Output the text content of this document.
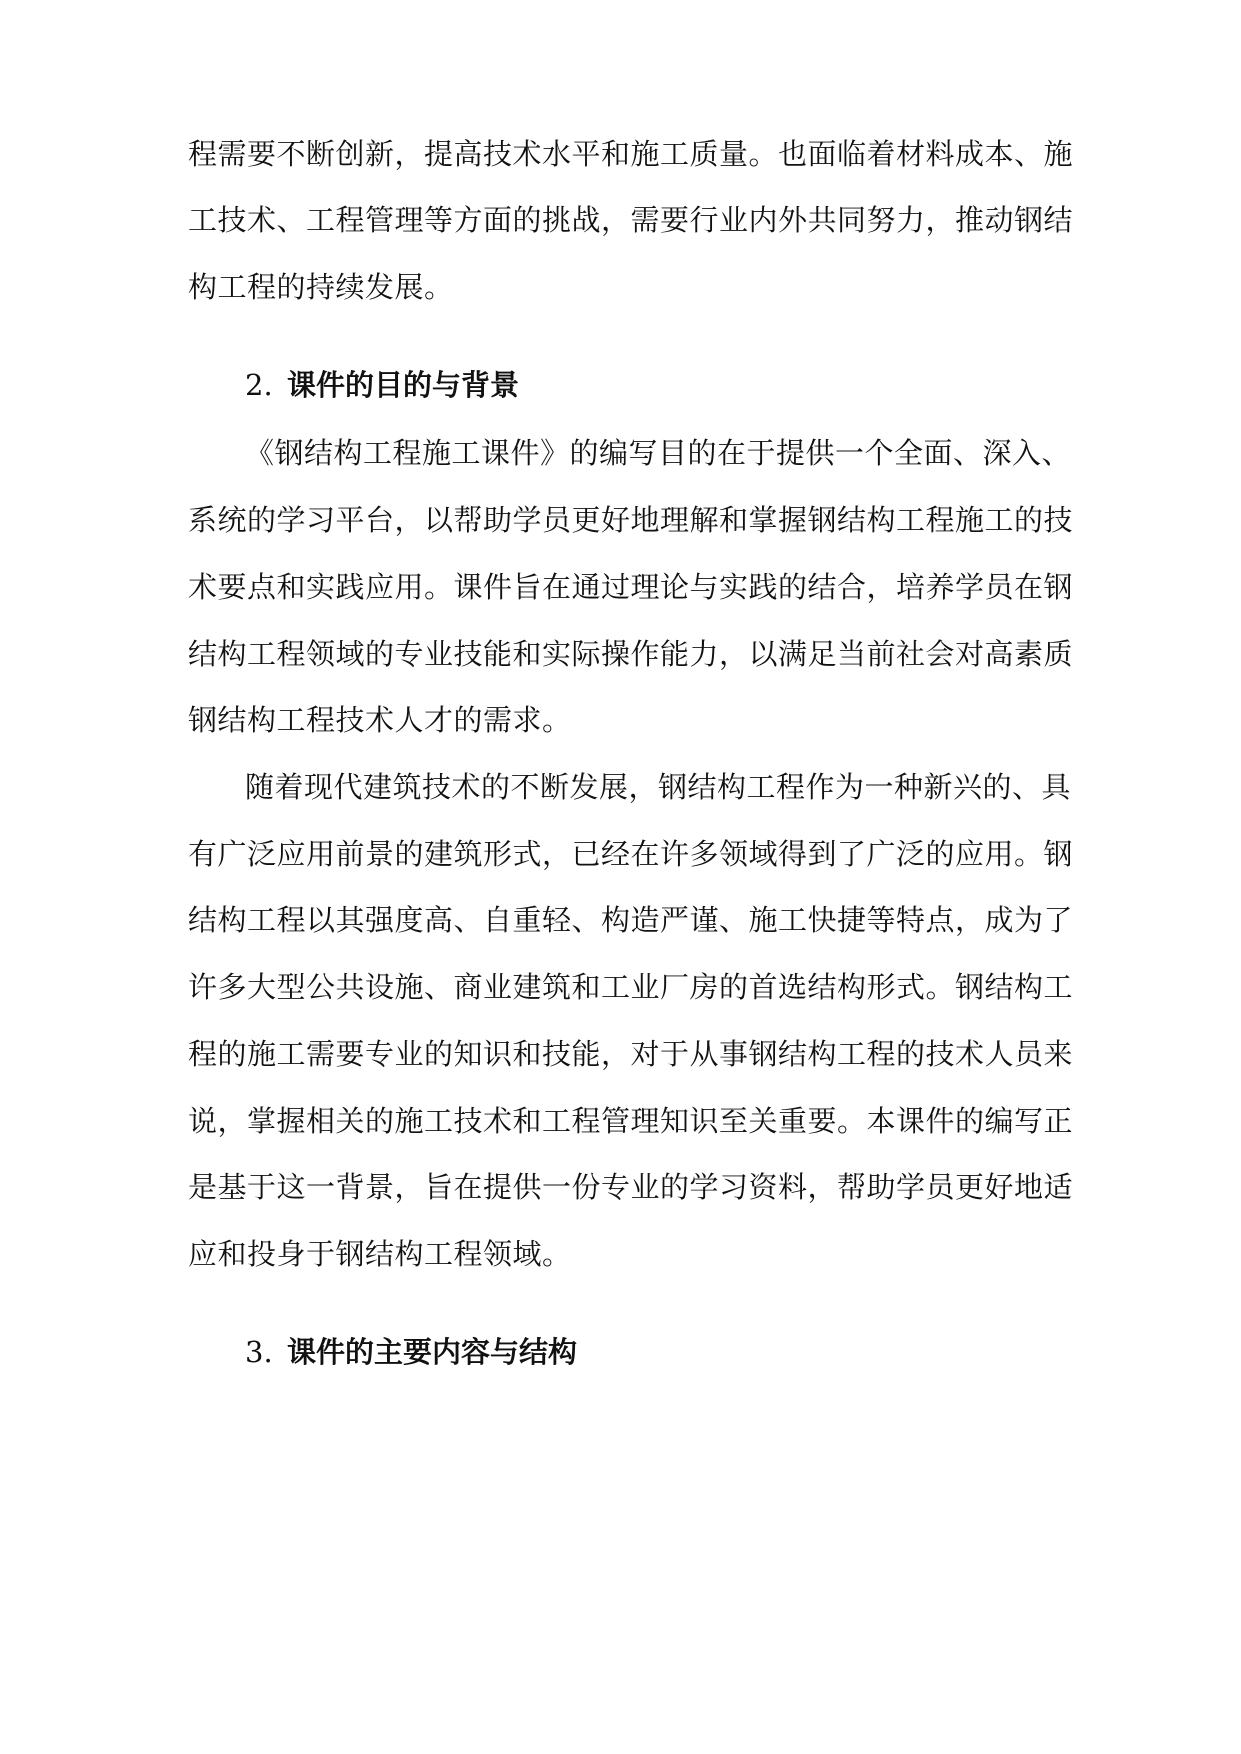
程需要不断创新，提高技术水平和施工质量。也面临着材料成本、施
工技术、工程管理等方面的挑战，需要行业内外共同努力，推动钢结
构工程的持续发展。
2. 课件的目的与背景
《钢结构工程施工课件》的编写目的在于提供一个全面、深入、
系统的学习平台，以帮助学员更好地理解和掌握钢结构工程施工的技
术要点和实践应用。课件旨在通过理论与实践的结合，培养学员在钢
结构工程领域的专业技能和实际操作能力，以满足当前社会对高素质
钢结构工程技术人才的需求。
随着现代建筑技术的不断发展，钢结构工程作为一种新兴的、具
有广泛应用前景的建筑形式，已经在许多领域得到了广泛的应用。钢
结构工程以其强度高、自重轻、构造严谨、施工快捷等特点，成为了
许多大型公共设施、商业建筑和工业厂房的首选结构形式。钢结构工
程的施工需要专业的知识和技能，对于从事钢结构工程的技术人员来
说，掌握相关的施工技术和工程管理知识至关重要。本课件的编写正
是基于这一背景，旨在提供一份专业的学习资料，帮助学员更好地适
应和投身于钢结构工程领域。
3. 课件的主要内容与结构
